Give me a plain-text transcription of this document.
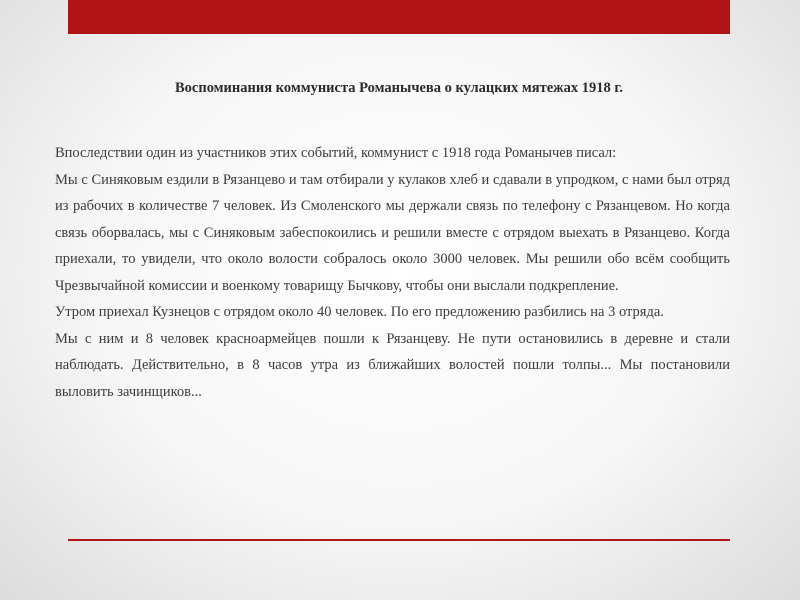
Воспоминания коммуниста Романычева о кулацких мятежах 1918 г.

Впоследствии один из участников этих событий, коммунист с 1918 года Романычев писал:

Мы с Синяковым ездили в Рязанцево и там отбирали у кулаков хлеб и сдавали в упродком, с нами был отряд из рабочих в количестве 7 человек. Из Смоленского мы держали связь по телефону с Рязанцевом. Но когда связь оборвалась, мы с Синяковым забеспокоились и решили вместе с отрядом выехать в Рязанцево. Когда приехали, то увидели, что около волости собралось около 3000 человек. Мы решили обо всём сообщить Чрезвычайной комиссии и военкому товарищу Бычкову, чтобы они выслали подкрепление.

Утром приехал Кузнецов с отрядом около 40 человек. По его предложению разбились на 3 отряда.

Мы с ним и 8 человек красноармейцев пошли к Рязанцеву. Не пути остановились в деревне и стали наблюдать. Действительно, в 8 часов утра из ближайших волостей пошли толпы... Мы постановили выловить зачинщиков...
